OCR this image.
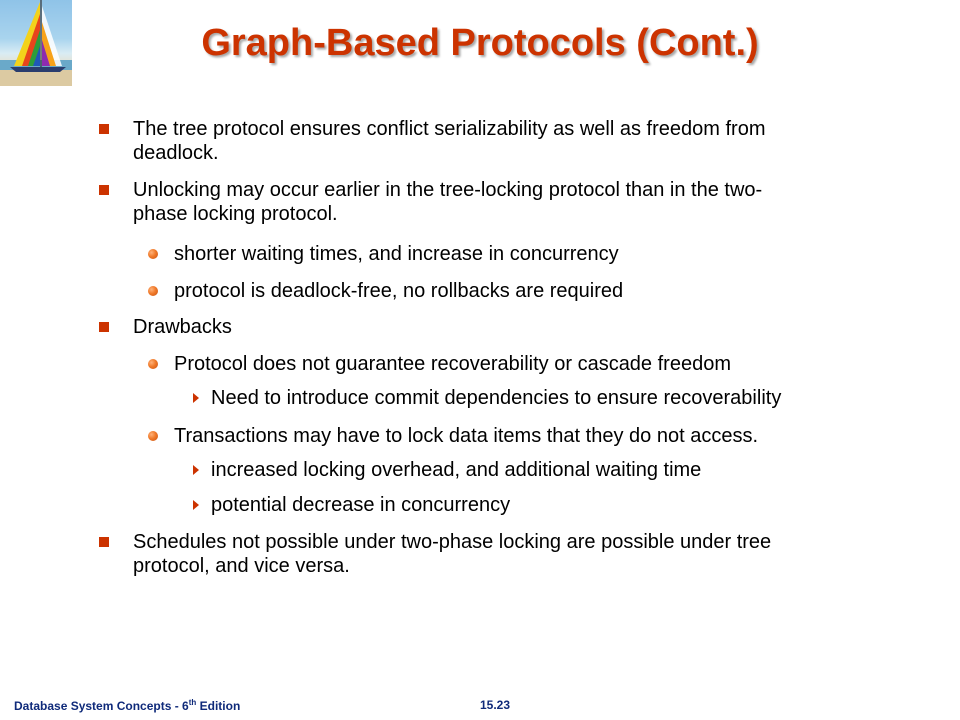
Graph-Based Protocols (Cont.)
The tree protocol ensures conflict serializability as well as freedom from
deadlock.
Unlocking may occur earlier in the tree-locking protocol than in the two-
phase locking protocol.
shorter waiting times, and increase in concurrency
protocol is deadlock-free, no rollbacks are required
Drawbacks
Protocol does not guarantee recoverability or cascade freedom
Need to introduce commit dependencies to ensure recoverability
Transactions may have to lock data items that they do not access.
increased locking overhead, and additional waiting time
potential decrease in concurrency
Schedules not possible under two-phase locking are possible under tree
protocol, and vice versa.
Database System Concepts - 6th Edition	15.23
